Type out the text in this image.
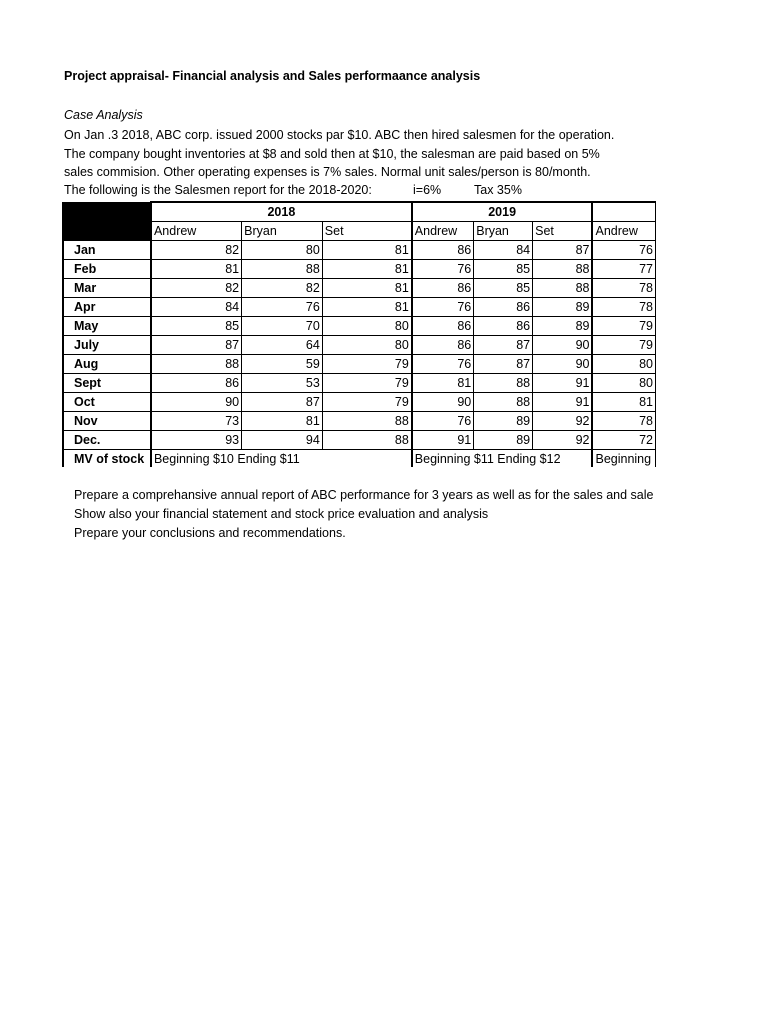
Project appraisal- Financial analysis and Sales performaance analysis
Case Analysis
On Jan .3 2018, ABC corp. issued 2000 stocks par $10. ABC then hired salesmen for the operation.
The company bought inventories at $8 and sold then at $10, the salesman are paid based on 5%
sales commision. Other operating expenses is 7% sales. Normal unit sales/person is 80/month.
The following is the Salesmen report for the 2018-2020:	i=6%	Tax 35%
	2018			2019			
	Andrew	Bryan	Set	Andrew	Bryan	Set	Andrew
Jan	82	80	81	86	84	87	76
Feb	81	88	81	76	85	88	77
Mar	82	82	81	86	85	88	78
Apr	84	76	81	76	86	89	78
May	85	70	80	86	86	89	79
July	87	64	80	86	87	90	79
Aug	88	59	79	76	87	90	80
Sept	86	53	79	81	88	91	80
Oct	90	87	79	90	88	91	81
Nov	73	81	88	76	89	92	78
Dec.	93	94	88	91	89	92	72
MV of stock	Beginning $10 Ending $11			Beginning $11 Ending $12			Beginning
Prepare a comprehansive annual report of ABC performance for 3 years as well as for the sales and sale
Show also your financial statement and stock price evaluation and analysis
Prepare your conclusions and recommendations.
